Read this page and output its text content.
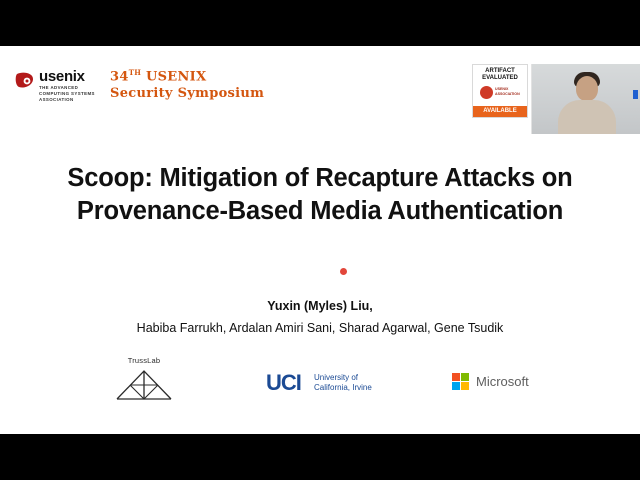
usenix
THE ADVANCED COMPUTING SYSTEMS ASSOCIATION
34TH USENIX
Security Symposium
ARTIFACT
EVALUATED
USENIX ASSOCIATION
AVAILABLE
Scoop: Mitigation of Recapture Attacks on
Provenance-Based Media Authentication
Yuxin (Myles) Liu,
Habiba Farrukh, Ardalan Amiri Sani, Sharad Agarwal, Gene Tsudik
TrussLab
UCI University of
California, Irvine	Microsoft
